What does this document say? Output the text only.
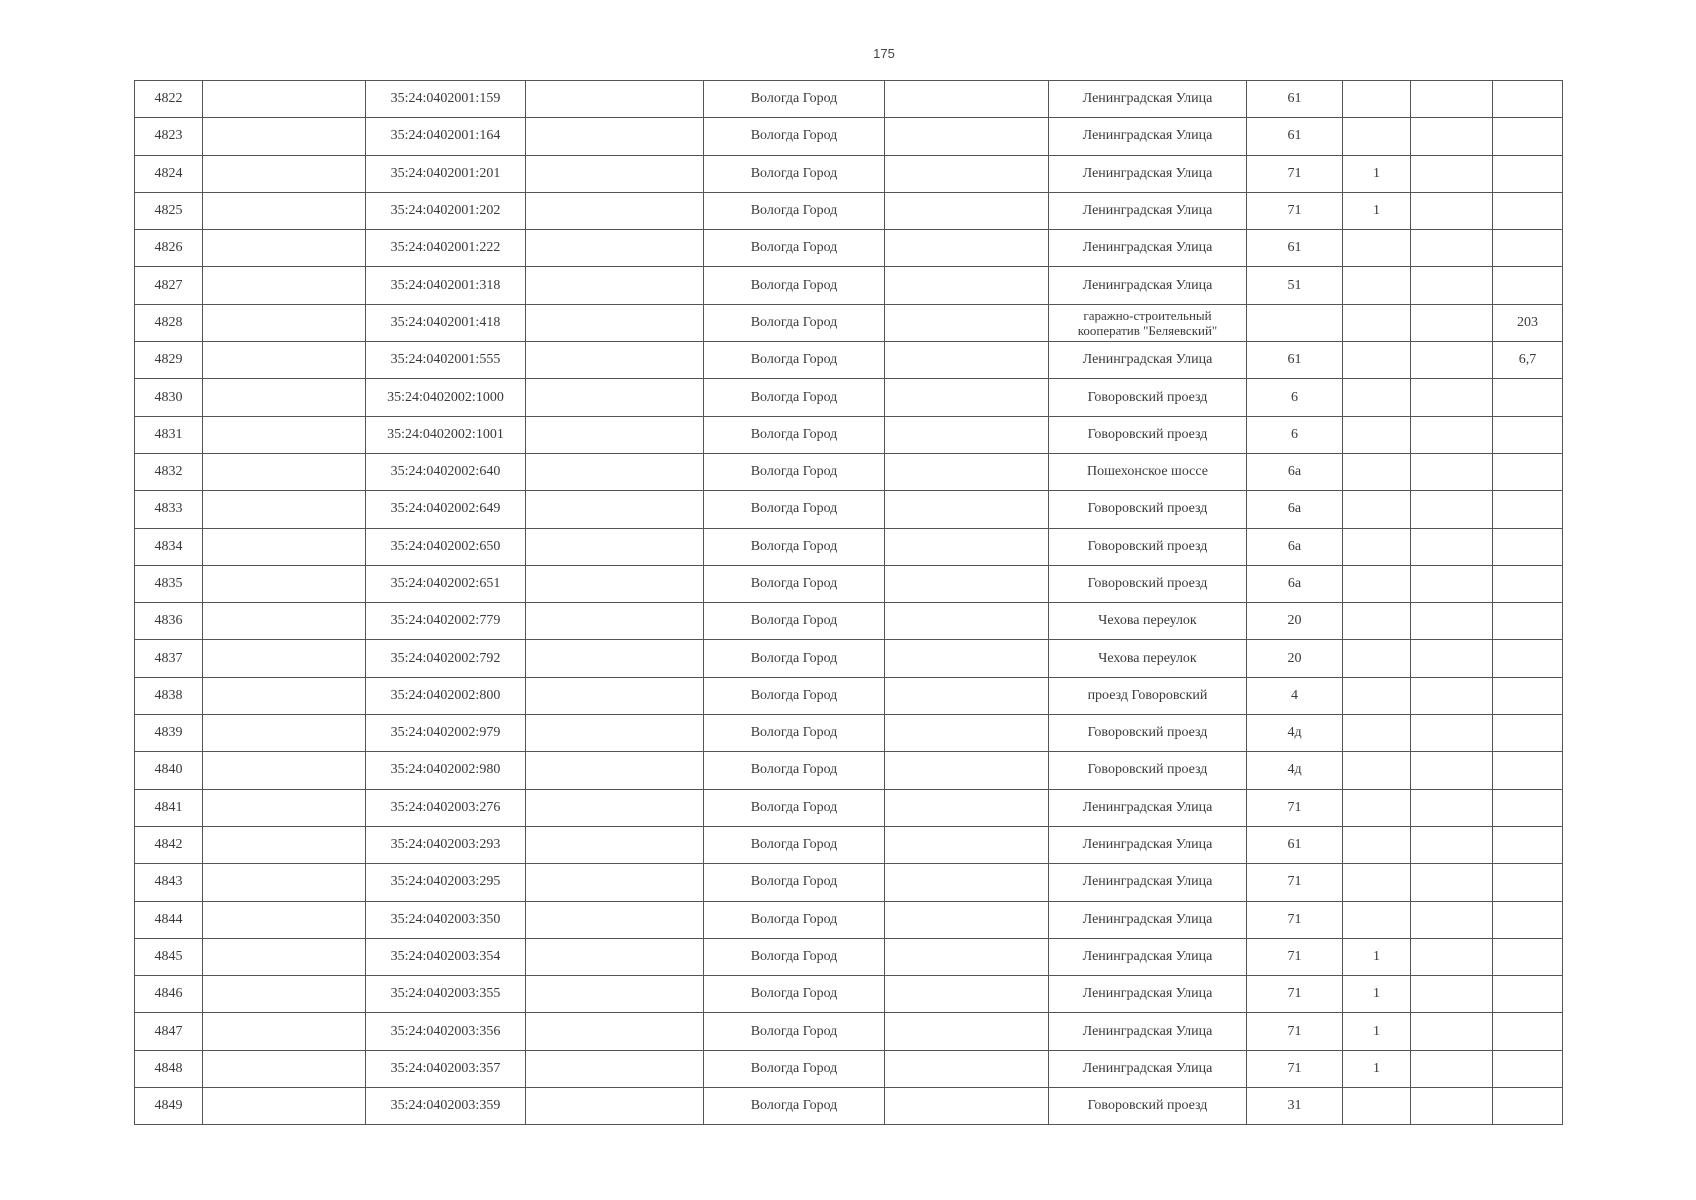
175
4822		35:24:0402001:159		Вологда Город		Ленинградская Улица	61			
4823		35:24:0402001:164		Вологда Город		Ленинградская Улица	61			
4824		35:24:0402001:201		Вологда Город		Ленинградская Улица	71	1		
4825		35:24:0402001:202		Вологда Город		Ленинградская Улица	71	1		
4826		35:24:0402001:222		Вологда Город		Ленинградская Улица	61			
4827		35:24:0402001:318		Вологда Город		Ленинградская Улица	51			
4828		35:24:0402001:418		Вологда Город		гаражно-строительный кооператив "Беляевский"				203
4829		35:24:0402001:555		Вологда Город		Ленинградская Улица	61			6,7
4830		35:24:0402002:1000		Вологда Город		Говоровский проезд	6			
4831		35:24:0402002:1001		Вологда Город		Говоровский проезд	6			
4832		35:24:0402002:640		Вологда Город		Пошехонское шоссе	6а			
4833		35:24:0402002:649		Вологда Город		Говоровский проезд	6а			
4834		35:24:0402002:650		Вологда Город		Говоровский проезд	6а			
4835		35:24:0402002:651		Вологда Город		Говоровский проезд	6а			
4836		35:24:0402002:779		Вологда Город		Чехова переулок	20			
4837		35:24:0402002:792		Вологда Город		Чехова переулок	20			
4838		35:24:0402002:800		Вологда Город		проезд Говоровский	4			
4839		35:24:0402002:979		Вологда Город		Говоровский проезд	4д			
4840		35:24:0402002:980		Вологда Город		Говоровский проезд	4д			
4841		35:24:0402003:276		Вологда Город		Ленинградская Улица	71			
4842		35:24:0402003:293		Вологда Город		Ленинградская Улица	61			
4843		35:24:0402003:295		Вологда Город		Ленинградская Улица	71			
4844		35:24:0402003:350		Вологда Город		Ленинградская Улица	71			
4845		35:24:0402003:354		Вологда Город		Ленинградская Улица	71	1		
4846		35:24:0402003:355		Вологда Город		Ленинградская Улица	71	1		
4847		35:24:0402003:356		Вологда Город		Ленинградская Улица	71	1		
4848		35:24:0402003:357		Вологда Город		Ленинградская Улица	71	1		
4849		35:24:0402003:359		Вологда Город		Говоровский проезд	31			
